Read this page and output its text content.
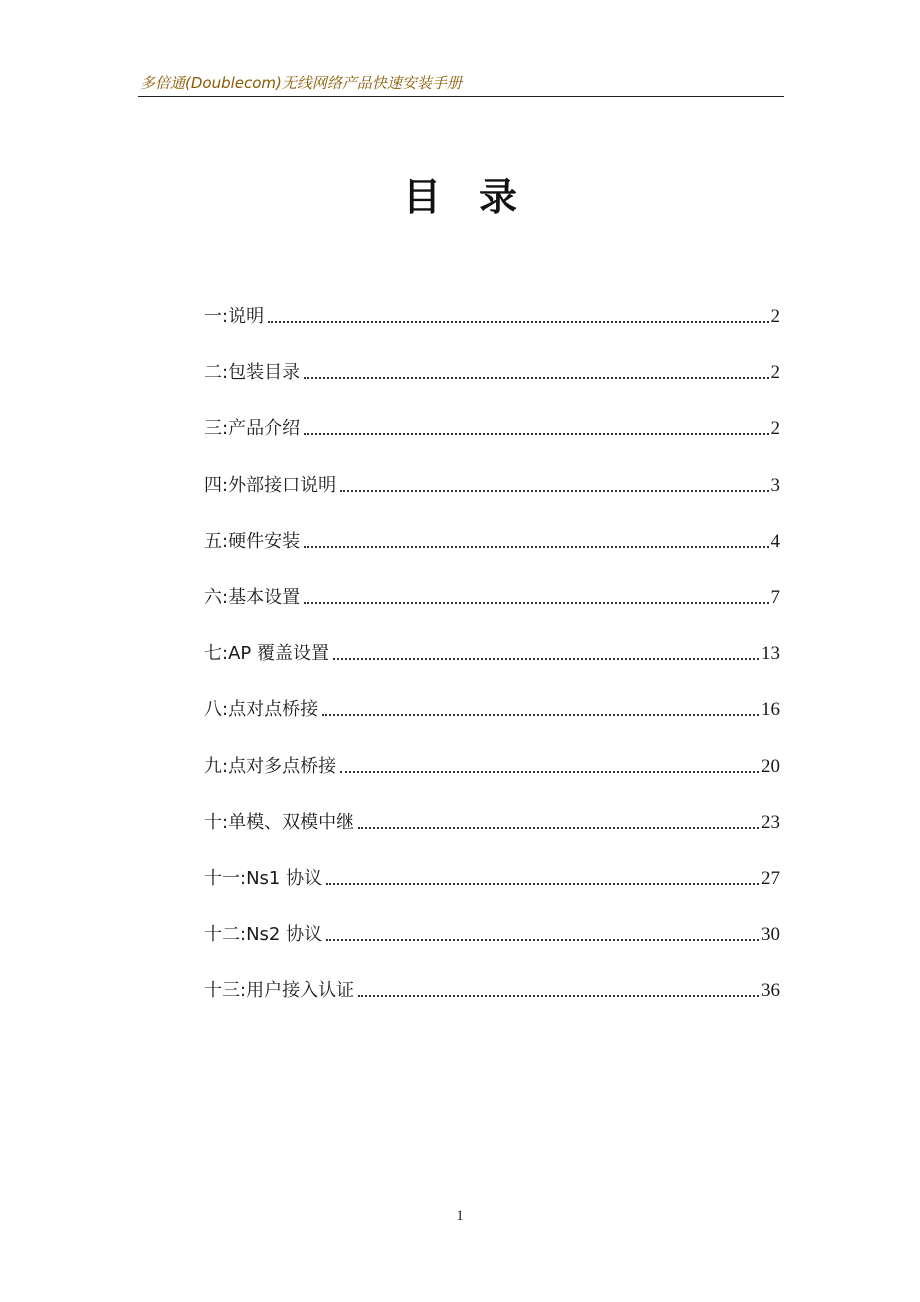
多倍通(Doublecom)无线网络产品快速安装手册
目录
一:说明	2
二:包装目录	2
三:产品介绍	2
四:外部接口说明	3
五:硬件安装	4
六:基本设置	7
七:AP 覆盖设置	13
八:点对点桥接	16
九:点对多点桥接	20
十:单模、双模中继	23
十一:Ns1 协议	27
十二:Ns2 协议	30
十三:用户接入认证	36
1
